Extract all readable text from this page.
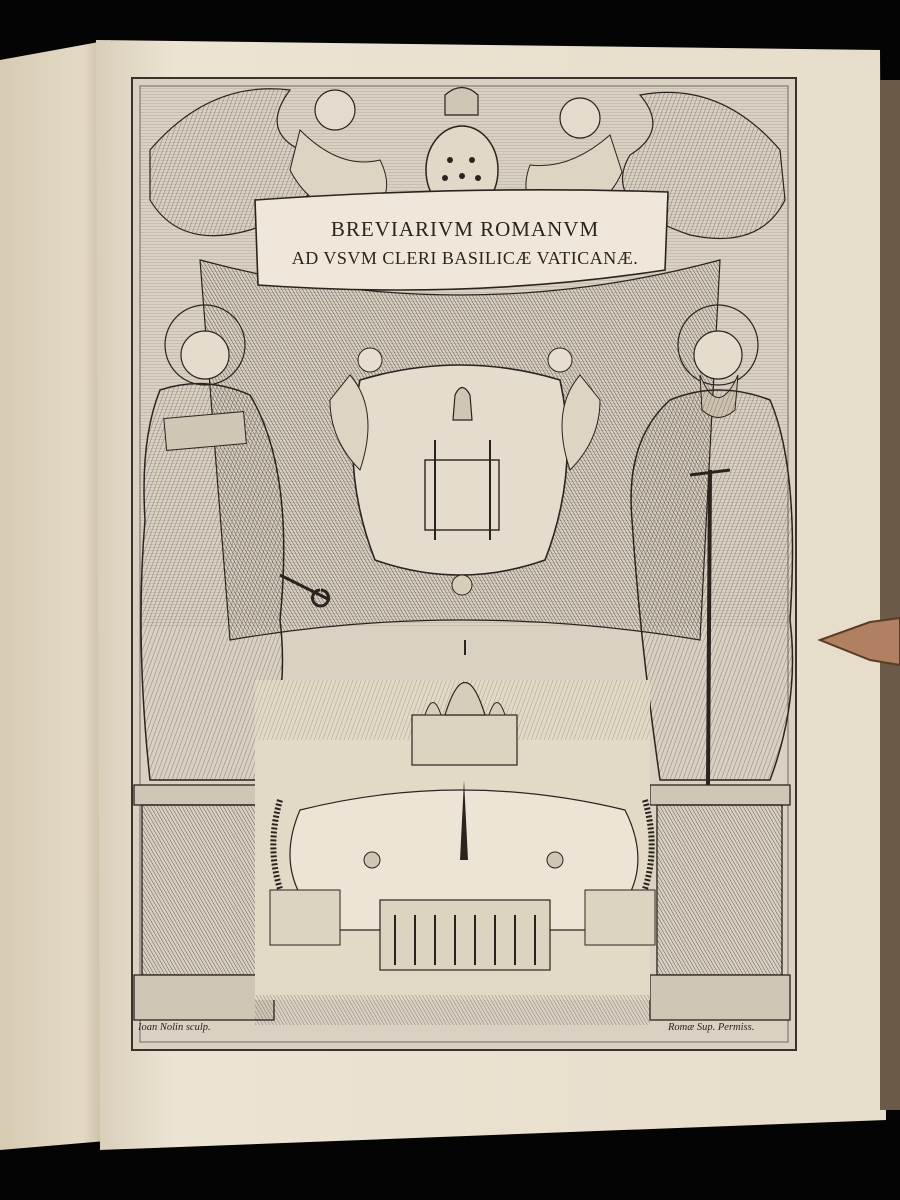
BREVIARIVM ROMANVM
AD VSVM CLERI BASILICÆ VATICANÆ.
Ioan Nolin sculp.	Romæ Sup. Permiss.
